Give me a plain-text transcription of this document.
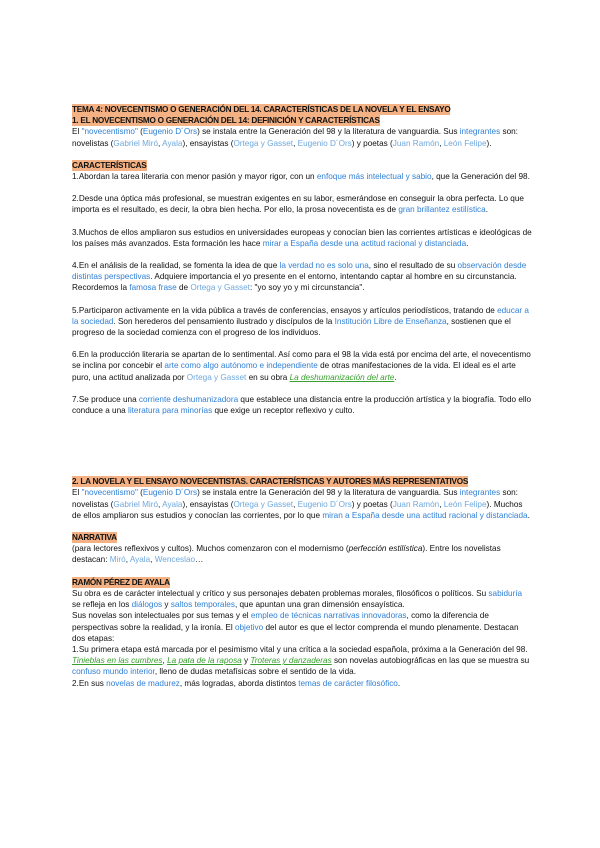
TEMA 4: NOVECENTISMO O GENERACIÓN DEL 14. CARACTERÍSTICAS DE LA NOVELA Y EL ENSAYO

1. EL NOVECENTISMO O GENERACIÓN DEL 14: DEFINICIÓN Y CARACTERÍSTICAS

El "novecentismo" (Eugenio D´Ors) se instala entre la Generación del 98 y la literatura de vanguardia. Sus integrantes son: novelistas (Gabriel Miró, Ayala), ensayistas (Ortega y Gasset, Eugenio D´Ors) y poetas (Juan Ramón, León Felipe).

CARACTERÍSTICAS

1.Abordan la tarea literaria con menor pasión y mayor rigor, con un enfoque más intelectual y sabio, que la Generación del 98.

2.Desde una óptica más profesional, se muestran exigentes en su labor, esmerándose en conseguir la obra perfecta. Lo que importa es el resultado, es decir, la obra bien hecha. Por ello, la prosa novecentista es de gran brillantez estilística.

3.Muchos de ellos ampliaron sus estudios en universidades europeas y conocían bien las corrientes artísticas e ideológicas de los países más avanzados. Esta formación les hace mirar a España desde una actitud racional y distanciada.

4.En el análisis de la realidad, se fomenta la idea de que la verdad no es solo una, sino el resultado de su observación desde distintas perspectivas. Adquiere importancia el yo presente en el entorno, intentando captar al hombre en su circunstancia. Recordemos la famosa frase de Ortega y Gasset: "yo soy yo y mi circunstancia".

5.Participaron activamente en la vida pública a través de conferencias, ensayos y artículos periodísticos, tratando de educar a la sociedad. Son herederos del pensamiento ilustrado y discípulos de la Institución Libre de Enseñanza, sostienen que el progreso de la sociedad comienza con el progreso de los individuos.

6.En la producción literaria se apartan de lo sentimental. Así como para el 98 la vida está por encima del arte, el novecentismo se inclina por concebir el arte como algo autónomo e independiente de otras manifestaciones de la vida. El ideal es el arte puro, una actitud analizada por Ortega y Gasset en su obra La deshumanización del arte.

7.Se produce una corriente deshumanizadora que establece una distancia entre la producción artística y la biografía. Todo ello conduce a una literatura para minorías que exige un receptor reflexivo y culto.

2. LA NOVELA Y EL ENSAYO NOVECENTISTAS. CARACTERÍSTICAS Y AUTORES MÁS REPRESENTATIVOS

El "novecentismo" (Eugenio D´Ors) se instala entre la Generación del 98 y la literatura de vanguardia. Sus integrantes son: novelistas (Gabriel Miró, Ayala), ensayistas (Ortega y Gasset, Eugenio D´Ors) y poetas (Juan Ramón, León Felipe). Muchos de ellos ampliaron sus estudios y conocían las corrientes, por lo que miran a España desde una actitud racional y distanciada.

NARRATIVA

(para lectores reflexivos y cultos). Muchos comenzaron con el modernismo (perfección estilística). Entre los novelistas destacan: Miró, Ayala, Wenceslao…

RAMÓN PÉREZ DE AYALA

Su obra es de carácter intelectual y crítico y sus personajes debaten problemas morales, filosóficos o políticos. Su sabiduría se refleja en los diálogos y saltos temporales, que apuntan una gran dimensión ensayística.

Sus novelas son intelectuales por sus temas y el empleo de técnicas narrativas innovadoras, como la diferencia de perspectivas sobre la realidad, y la ironía. El objetivo del autor es que el lector comprenda el mundo plenamente. Destacan dos etapas:

1.Su primera etapa está marcada por el pesimismo vital y una crítica a la sociedad española, próxima a la Generación del 98. Tinieblas en las cumbres, La pata de la raposa y Troteras y danzaderas son novelas autobiográficas en las que se muestra su confuso mundo interior, lleno de dudas metafísicas sobre el sentido de la vida.

2.En sus novelas de madurez, más logradas, aborda distintos temas de carácter filosófico.
